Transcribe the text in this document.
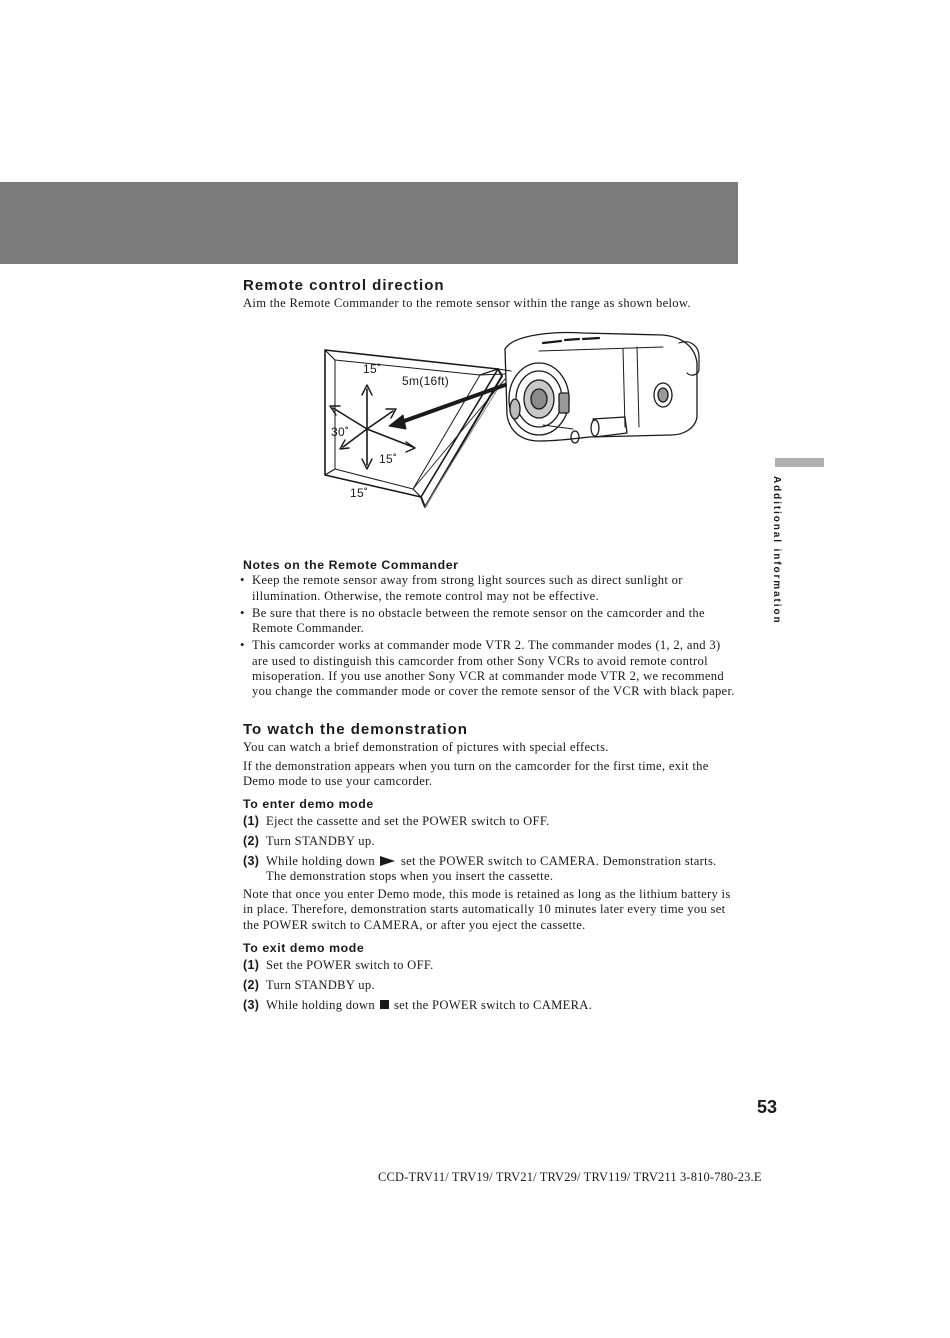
Additional information
Remote control direction

Aim the Remote Commander to the remote sensor within the range as shown below.

15˚
5m(16ft)
30˚
15˚
15˚
Notes on the Remote Commander
• Keep the remote sensor away from strong light sources such as direct sunlight or illumination. Otherwise, the remote control may not be effective.
• Be sure that there is no obstacle between the remote sensor on the camcorder and the Remote Commander.
• This camcorder works at commander mode VTR 2. The commander modes (1, 2, and 3) are used to distinguish this camcorder from other Sony VCRs to avoid remote control misoperation. If you use another Sony VCR at commander mode VTR 2, we recommend you change the commander mode or cover the remote sensor of the VCR with black paper.
To watch the demonstration

You can watch a brief demonstration of pictures with special effects.

If the demonstration appears when you turn on the camcorder for the first time, exit the Demo mode to use your camcorder.

To enter demo mode
(1) Eject the cassette and set the POWER switch to OFF.
(2) Turn STANDBY up.
(3) While holding down set the POWER switch to CAMERA. Demonstration starts. The demonstration stops when you insert the cassette.

Note that once you enter Demo mode, this mode is retained as long as the lithium battery is in place. Therefore, demonstration starts automatically 10 minutes later every time you set the POWER switch to CAMERA, or after you eject the cassette.

To exit demo mode
(1) Set the POWER switch to OFF.
(2) Turn STANDBY up.
(3) While holding down set the POWER switch to CAMERA.
53
CCD-TRV11/ TRV19/ TRV21/ TRV29/ TRV119/ TRV211 3-810-780-23.E
